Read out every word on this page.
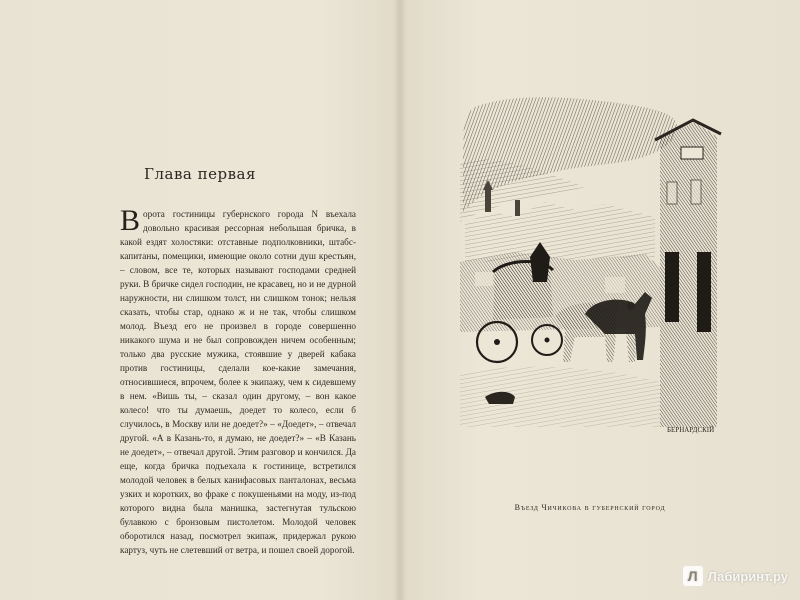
Глава первая
Ворота гостиницы губернского города N въехала довольно красивая рессорная небольшая бричка, в какой ездят холостяки: отставные подполковники, штабс-капитаны, помещики, имеющие около сотни душ крестьян, – словом, все те, которых называют господами средней руки. В бричке сидел господин, не красавец, но и не дурной наружности, ни слишком толст, ни слишком тонок; нельзя сказать, чтобы стар, однако ж и не так, чтобы слишком молод. Въезд его не произвел в городе совершенно никакого шума и не был сопровожден ничем особенным; только два русские мужика, стоявшие у дверей кабака против гостиницы, сделали кое-какие замечания, относившиеся, впрочем, более к экипажу, чем к сидевшему в нем. «Вишь ты, – сказал один другому, – вон какое колесо! что ты думаешь, доедет то колесо, если б случилось, в Москву или не доедет?» – «Доедет», – отвечал другой. «А в Казань-то, я думаю, не доедет?» – «В Казань не доедет», – отвечал другой. Этим разговор и кончился. Да еще, когда бричка подъехала к гостинице, встретился молодой человек в белых канифасовых панталонах, весьма узких и коротких, во фраке с покушеньями на моду, из-под которого видна была манишка, застегнутая тульскою булавкою с бронзовым пистолетом. Молодой человек оборотился назад, посмотрел экипаж, придержал рукою картуз, чуть не слетевший от ветра, и пошел своей дорогой.
БЕРНАРДСКІЙ
Въезд Чичикова в губернский город
Л Лабиринт.ру
